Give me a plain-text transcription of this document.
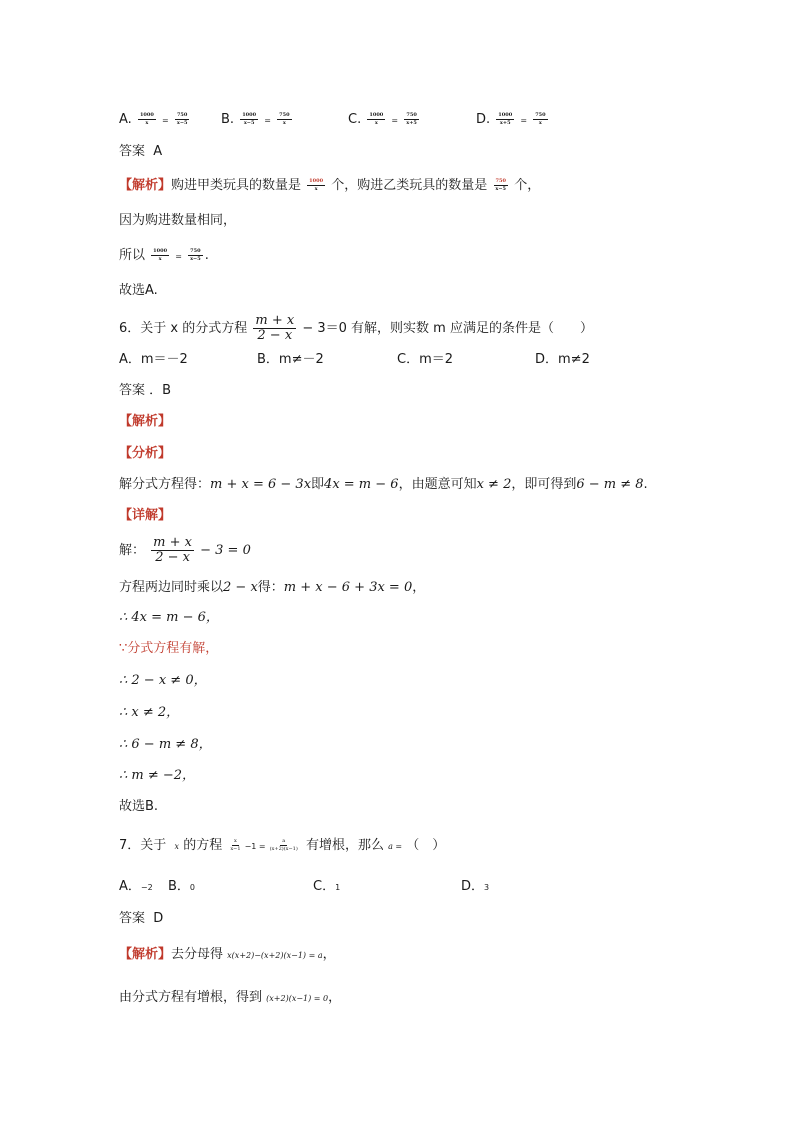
A. $\frac{1000}{x} = \frac{750}{x-5} B$. $\frac{1000}{x-5} = \frac{750}{x}$	C. $\frac{1000}{x} = \frac{750}{x+5}$	D. $\frac{1000}{x+5} = \frac{750}{x}$
答案 A
【解析】购进甲类玩具的数量是 $\frac{1000}{x}$ 个，购进乙类玩具的数量是 $\frac{750}{x-5}$ 个，
因为购进数量相同，
所以 $\frac{1000}{x} = \frac{750}{x-5}$ .
故选A.
6．关于 x 的分式方程 $\frac{m + x}{2 - x} - 3=0$ 有解，则实数 m 应满足的条件是（　　）
A．m＝－2	B．m≠－2	C．m＝2	D．m≠2
答案 ．B
【解析】
【分析】
解分式方程得：m + x = 6 − 3x即4x = m − 6，由题意可知x ≠ 2，即可得到6 − m ≠ 8.
【详解】
解： $\frac{m + x}{2 - x} - 3 = 0$
方程两边同时乘以2 − x得：m + x − 6 + 3x = 0，
∴ 4x = m − 6，
∵分式方程有解，
∴ 2 − x ≠ 0，
∴ x ≠ 2，
∴ 6 − m ≠ 8，
∴ m ≠ −2，
故选B.
7．关于 x 的方程 $\frac{x}{x-1} -1 = \frac{a}{(x+2)(x-1)}$ 有增根，那么 a = （　）
A．−2 B．0	C．1	D．3
答案 D
【解析】去分母得 x(x+2)−(x+2)(x−1) = a，
由分式方程有增根，得到 (x+2)(x−1) = 0，
